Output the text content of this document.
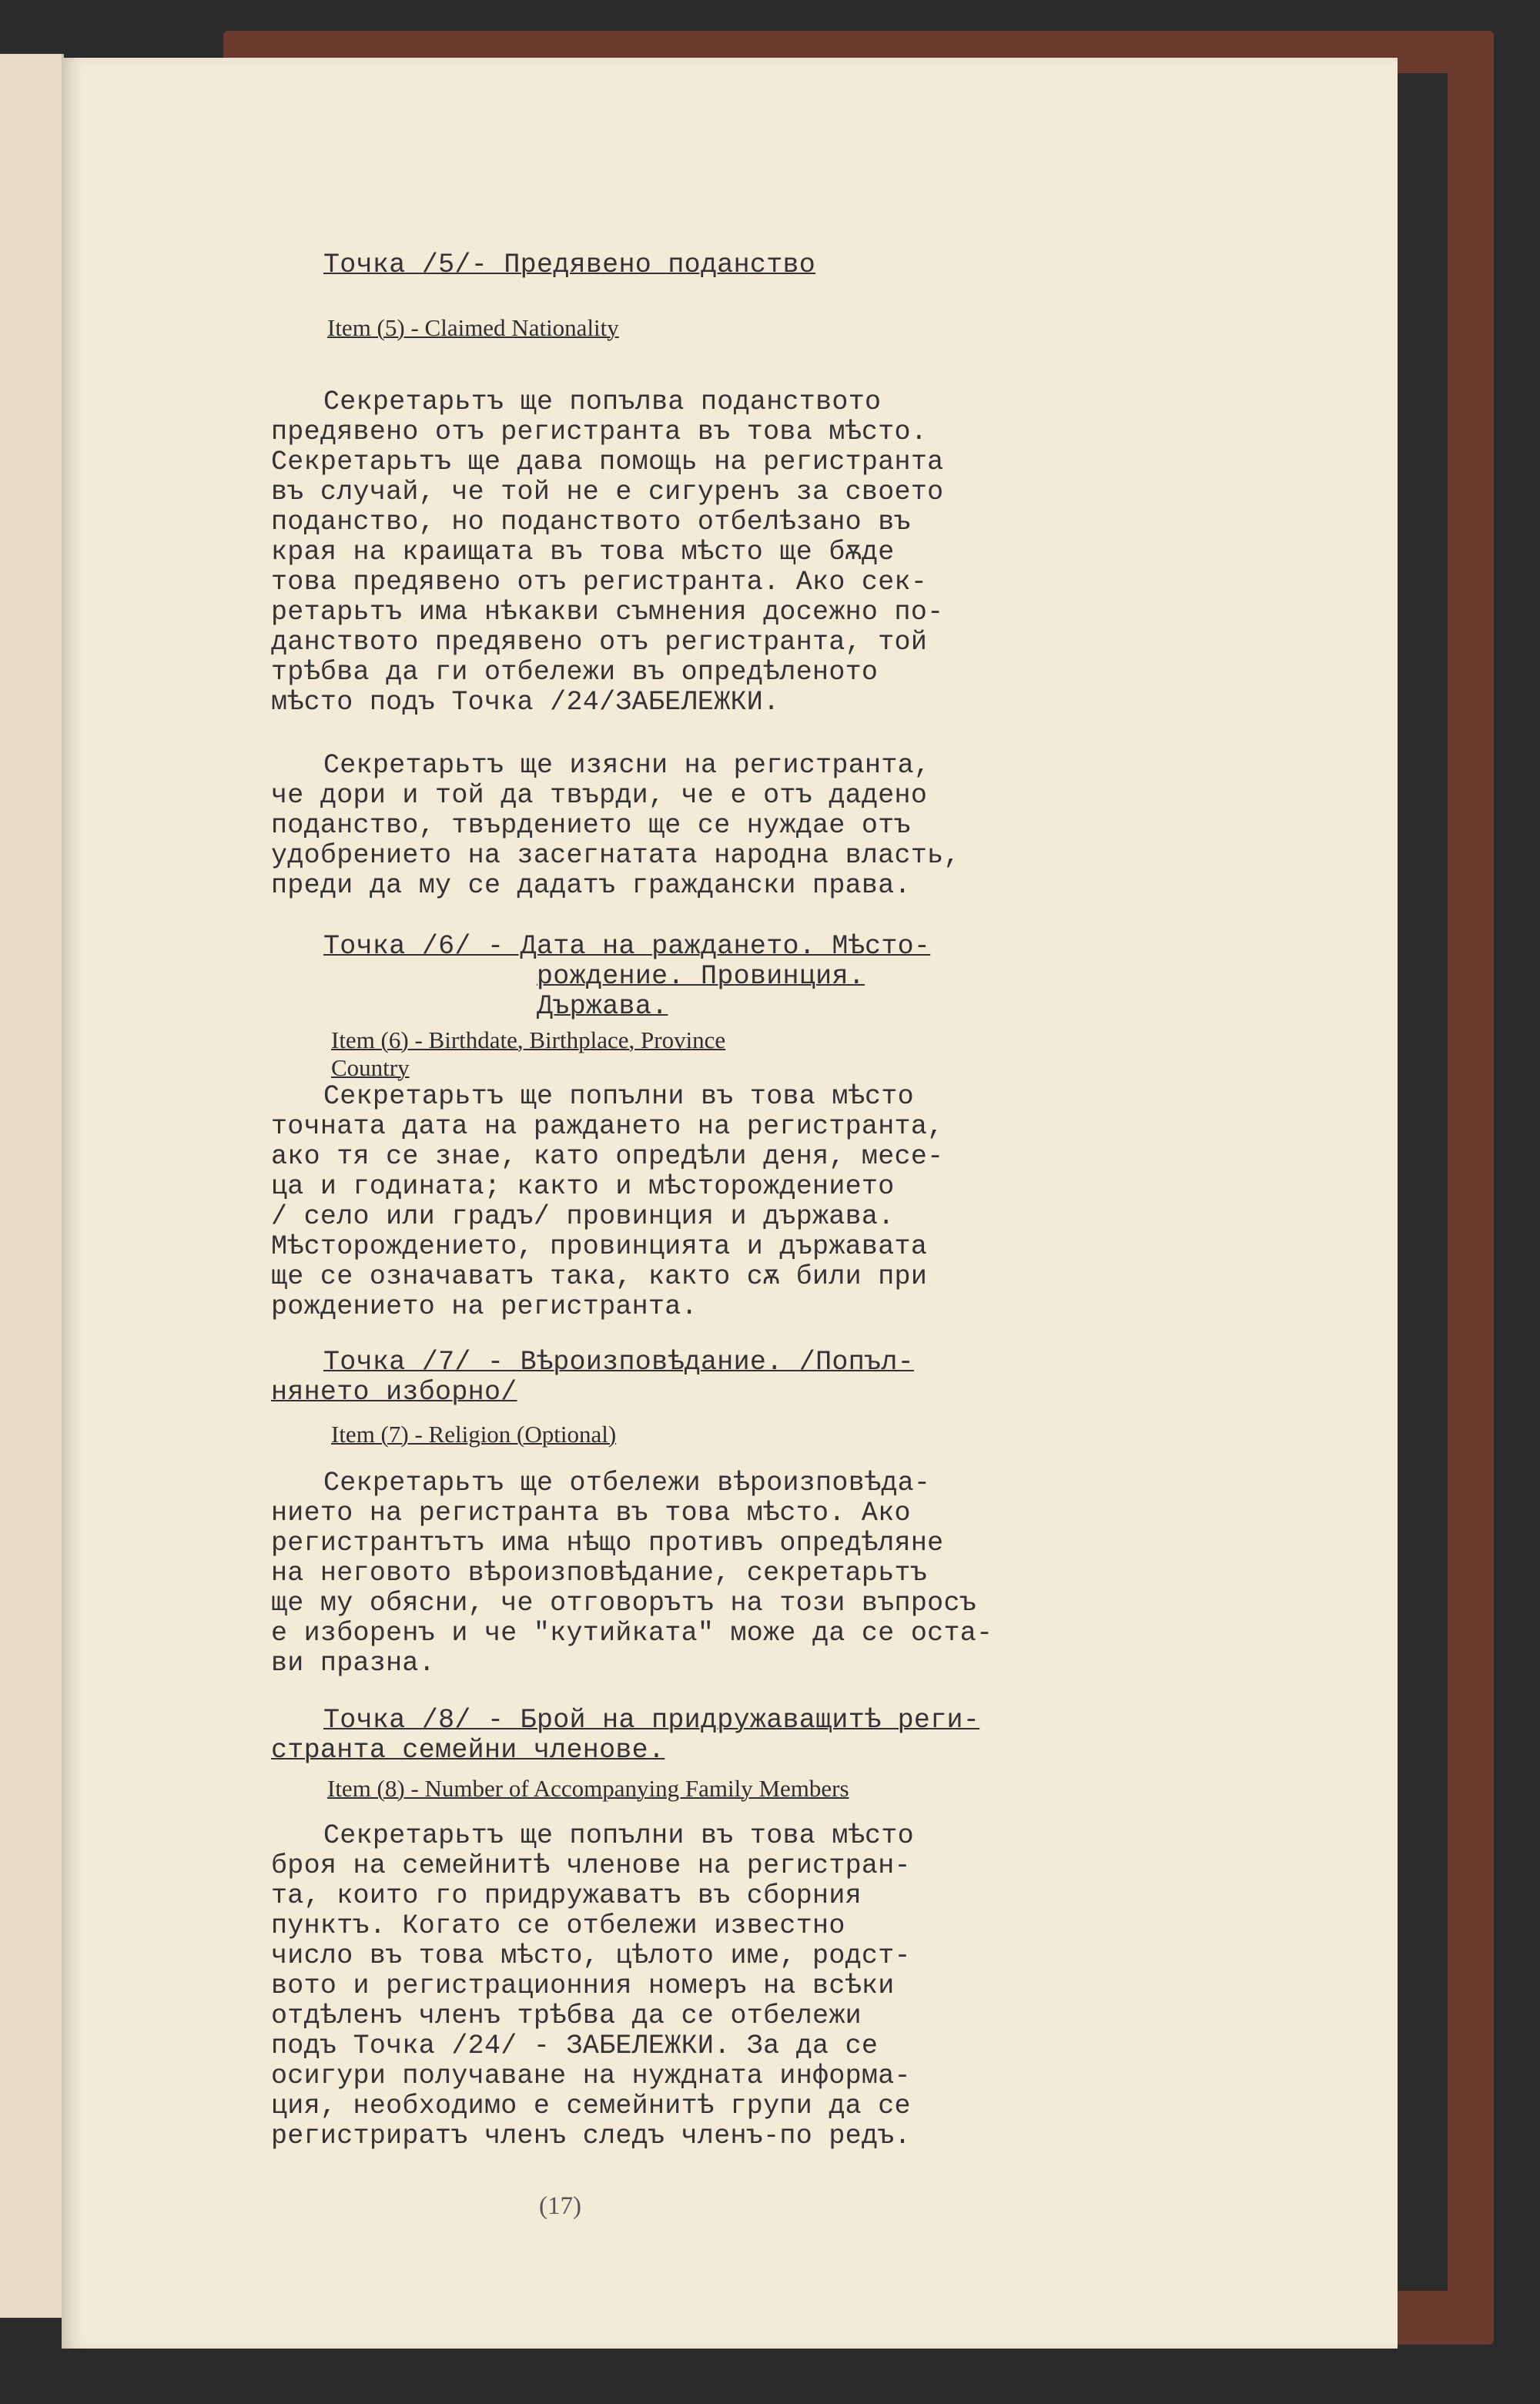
Точка /5/- Предявено поданство
Item (5) - Claimed Nationality
Секретарьтъ ще попълва поданството
предявено отъ регистранта въ това мѣсто.
Секретарьтъ ще дава помощь на регистранта
въ случай, че той не е сигуренъ за своето
поданство, но поданството отбелѣзано въ
края на краищата въ това мѣсто ще бѫде
това предявено отъ регистранта. Ако сек-
ретарьтъ има нѣкакви съмнения досежно по-
данството предявено отъ регистранта, той
трѣбва да ги отбележи въ опредѣленото
мѣсто подъ Точка /24/ЗАБЕЛЕЖКИ.
Секретарьтъ ще изясни на регистранта,
че дори и той да твърди, че е отъ дадено
поданство, твърдението ще се нуждае отъ
удобрението на засегнатата народна власть,
преди да му се дадатъ граждански права.
Точка /6/ - Дата на раждането. Мѣсто-
рождение. Провинция.
Държава.
Item (6) - Birthdate, Birthplace, Province
Country
Секретарьтъ ще попълни въ това мѣсто
точната дата на раждането на регистранта,
ако тя се знае, като опредѣли деня, месе-
ца и годината; както и мѣсторождението
/ село или градъ/ провинция и държава.
Мѣсторождението, провинцията и държавата
ще се означаватъ така, както сѫ били при
рождението на регистранта.
Точка /7/ - Вѣроизповѣдание. /Попъл-
нянето изборно/
Item (7) - Religion (Optional)
Секретарьтъ ще отбележи вѣроизповѣда-
нието на регистранта въ това мѣсто. Ако
регистрантътъ има нѣщо противъ опредѣляне
на неговото вѣроизповѣдание, секретарьтъ
ще му обясни, че отговорътъ на този въпросъ
е изборенъ и че "кутийката" може да се оста-
ви празна.
Точка /8/ - Брой на придружаващитѣ реги-
странта семейни членове.
Item (8) - Number of Accompanying Family Members
Секретарьтъ ще попълни въ това мѣсто
броя на семейнитѣ членове на регистран-
та, които го придружаватъ въ сборния
пунктъ. Когато се отбележи известно
число въ това мѣсто, цѣлото име, родст-
вото и регистрационния номеръ на всѣки
отдѣленъ членъ трѣбва да се отбележи
подъ Точка /24/ - ЗАБЕЛЕЖКИ. За да се
осигури получаване на нуждната информа-
ция, необходимо е семейнитѣ групи да се
регистриратъ членъ следъ членъ-по редъ.
(17)
